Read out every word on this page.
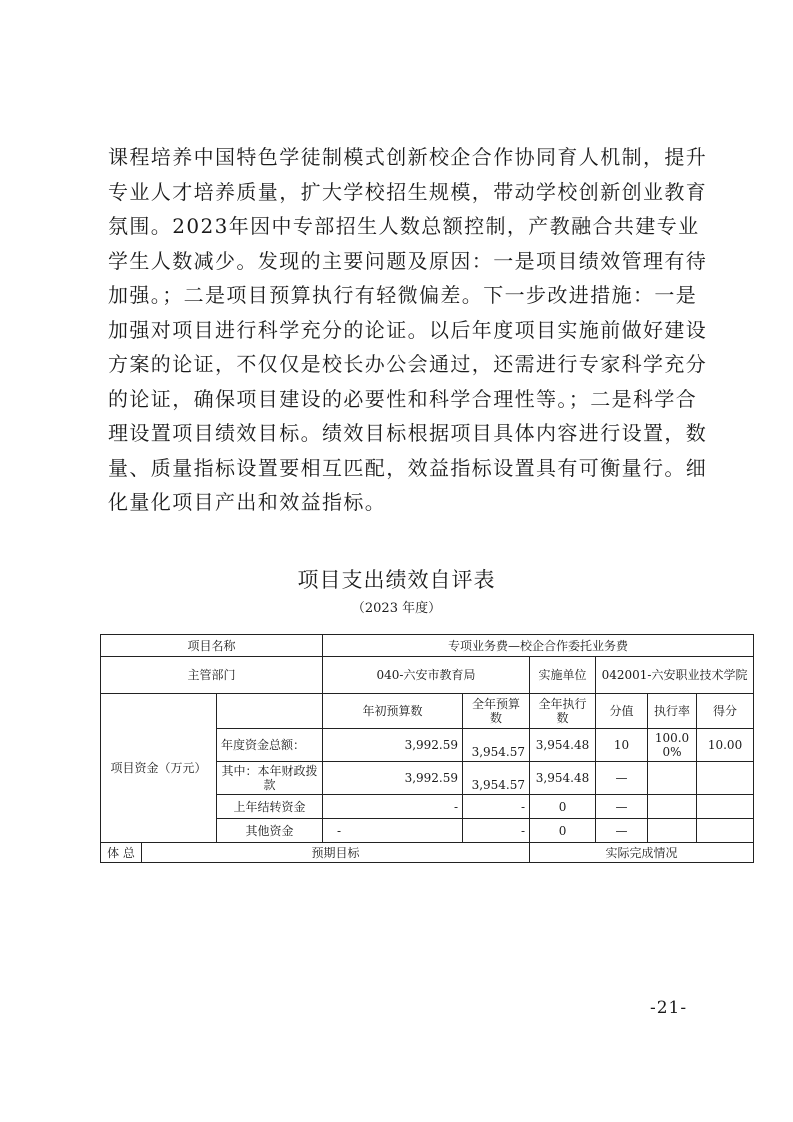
课程培养中国特色学徒制模式创新校企合作协同育人机制，提升专业人才培养质量，扩大学校招生规模，带动学校创新创业教育氛围。2023年因中专部招生人数总额控制，产教融合共建专业学生人数减少。发现的主要问题及原因：一是项目绩效管理有待加强。；二是项目预算执行有轻微偏差。下一步改进措施：一是加强对项目进行科学充分的论证。以后年度项目实施前做好建设方案的论证，不仅仅是校长办公会通过，还需进行专家科学充分的论证，确保项目建设的必要性和科学合理性等。；二是科学合理设置项目绩效目标。绩效目标根据项目具体内容进行设置，数量、质量指标设置要相互匹配，效益指标设置具有可衡量行。细化量化项目产出和效益指标。

项目支出绩效自评表
（2023 年度）
项目名称			专项业务费—校企合作委托业务费					
主管部门			040-六安市教育局		实施单位	042001-六安职业技术学院		
项目资金（万元）			年初预算数	全年预算数	全年执行数	分值	执行率	得分
		年度资金总额：	3,992.59	3,954.57	3,954.48	10	100.00%	10.00
		其中：本年财政拨款	3,992.59	3,954.57	3,954.48	—		
		上年结转资金	-	-	0	—		
		其他资金	-	-	0	—		
体 总	预期目标				实际完成情况			
-21-
